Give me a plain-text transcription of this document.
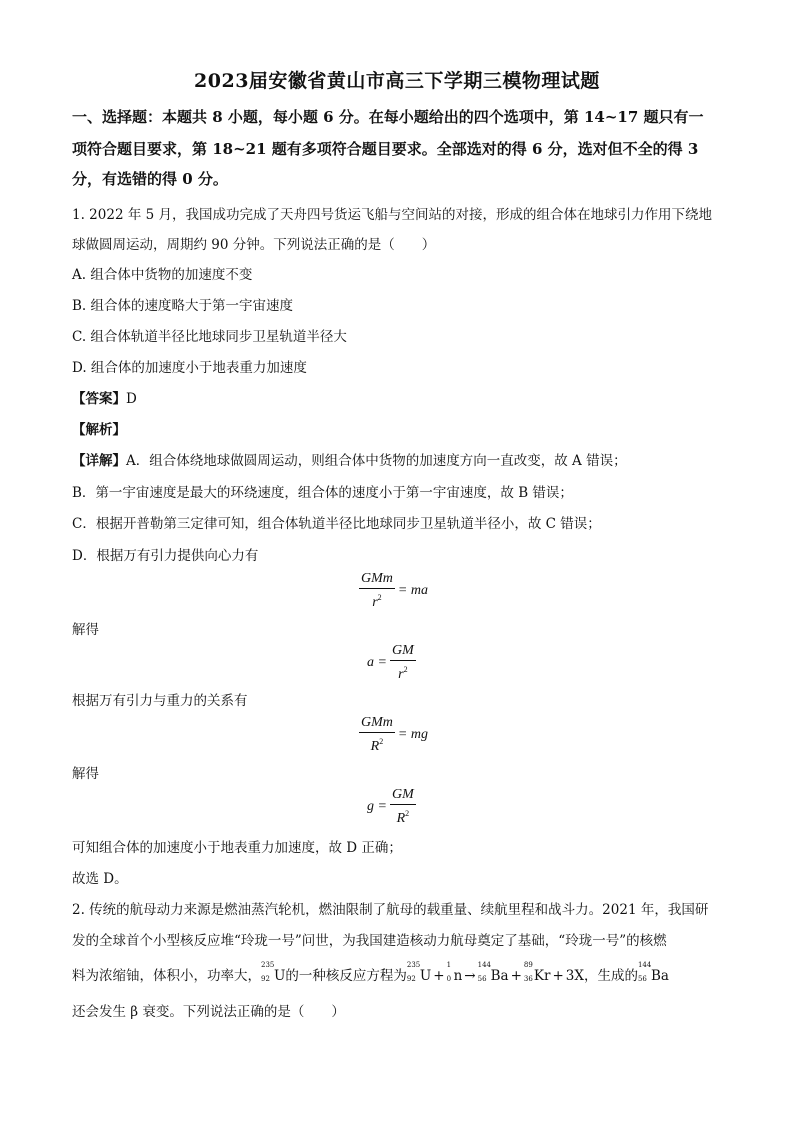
2023届安徽省黄山市高三下学期三模物理试题
一、选择题：本题共 8 小题，每小题 6 分。在每小题给出的四个选项中，第 14~17 题只有一
项符合题目要求，第 18~21 题有多项符合题目要求。全部选对的得 6 分，选对但不全的得 3
分，有选错的得 0 分。
1. 2022 年 5 月，我国成功完成了天舟四号货运飞船与空间站的对接，形成的组合体在地球引力作用下绕地
球做圆周运动，周期约 90 分钟。下列说法正确的是（　　）
A. 组合体中货物的加速度不变
B. 组合体的速度略大于第一宇宙速度
C. 组合体轨道半径比地球同步卫星轨道半径大
D. 组合体的加速度小于地表重力加速度
【答案】D
【解析】
【详解】A．组合体绕地球做圆周运动，则组合体中货物的加速度方向一直改变，故 A 错误；
B．第一宇宙速度是最大的环绕速度，组合体的速度小于第一宇宙速度，故 B 错误；
C．根据开普勒第三定律可知，组合体轨道半径比地球同步卫星轨道半径小，故 C 错误；
D．根据万有引力提供向心力有
$\frac{\text{GMm}}{r^2}$ = ma
解得
$a = \frac{GM}{r^2}$
根据万有引力与重力的关系有
$\frac{\text{GMm}}{R^2}$ = mg
解得
$g = \frac{GM}{R^2}$
可知组合体的加速度小于地表重力加速度，故 D 正确；
故选 D。
2. 传统的航母动力来源是燃油蒸汽轮机，燃油限制了航母的载重量、续航里程和战斗力。2021 年，我国研
发的全球首个小型核反应堆“玲珑一号”问世，为我国建造核动力航母奠定了基础，“玲珑一号”的核燃
料为浓缩铀，体积小，功率大，
235
92 U 的一种核反应方程为
235
92 U +
1
0 n →
144
56 Ba +
89
36 Kr + 3X ，生成的
144
56 Ba
还会发生 β 衰变。下列说法正确的是（　　）
